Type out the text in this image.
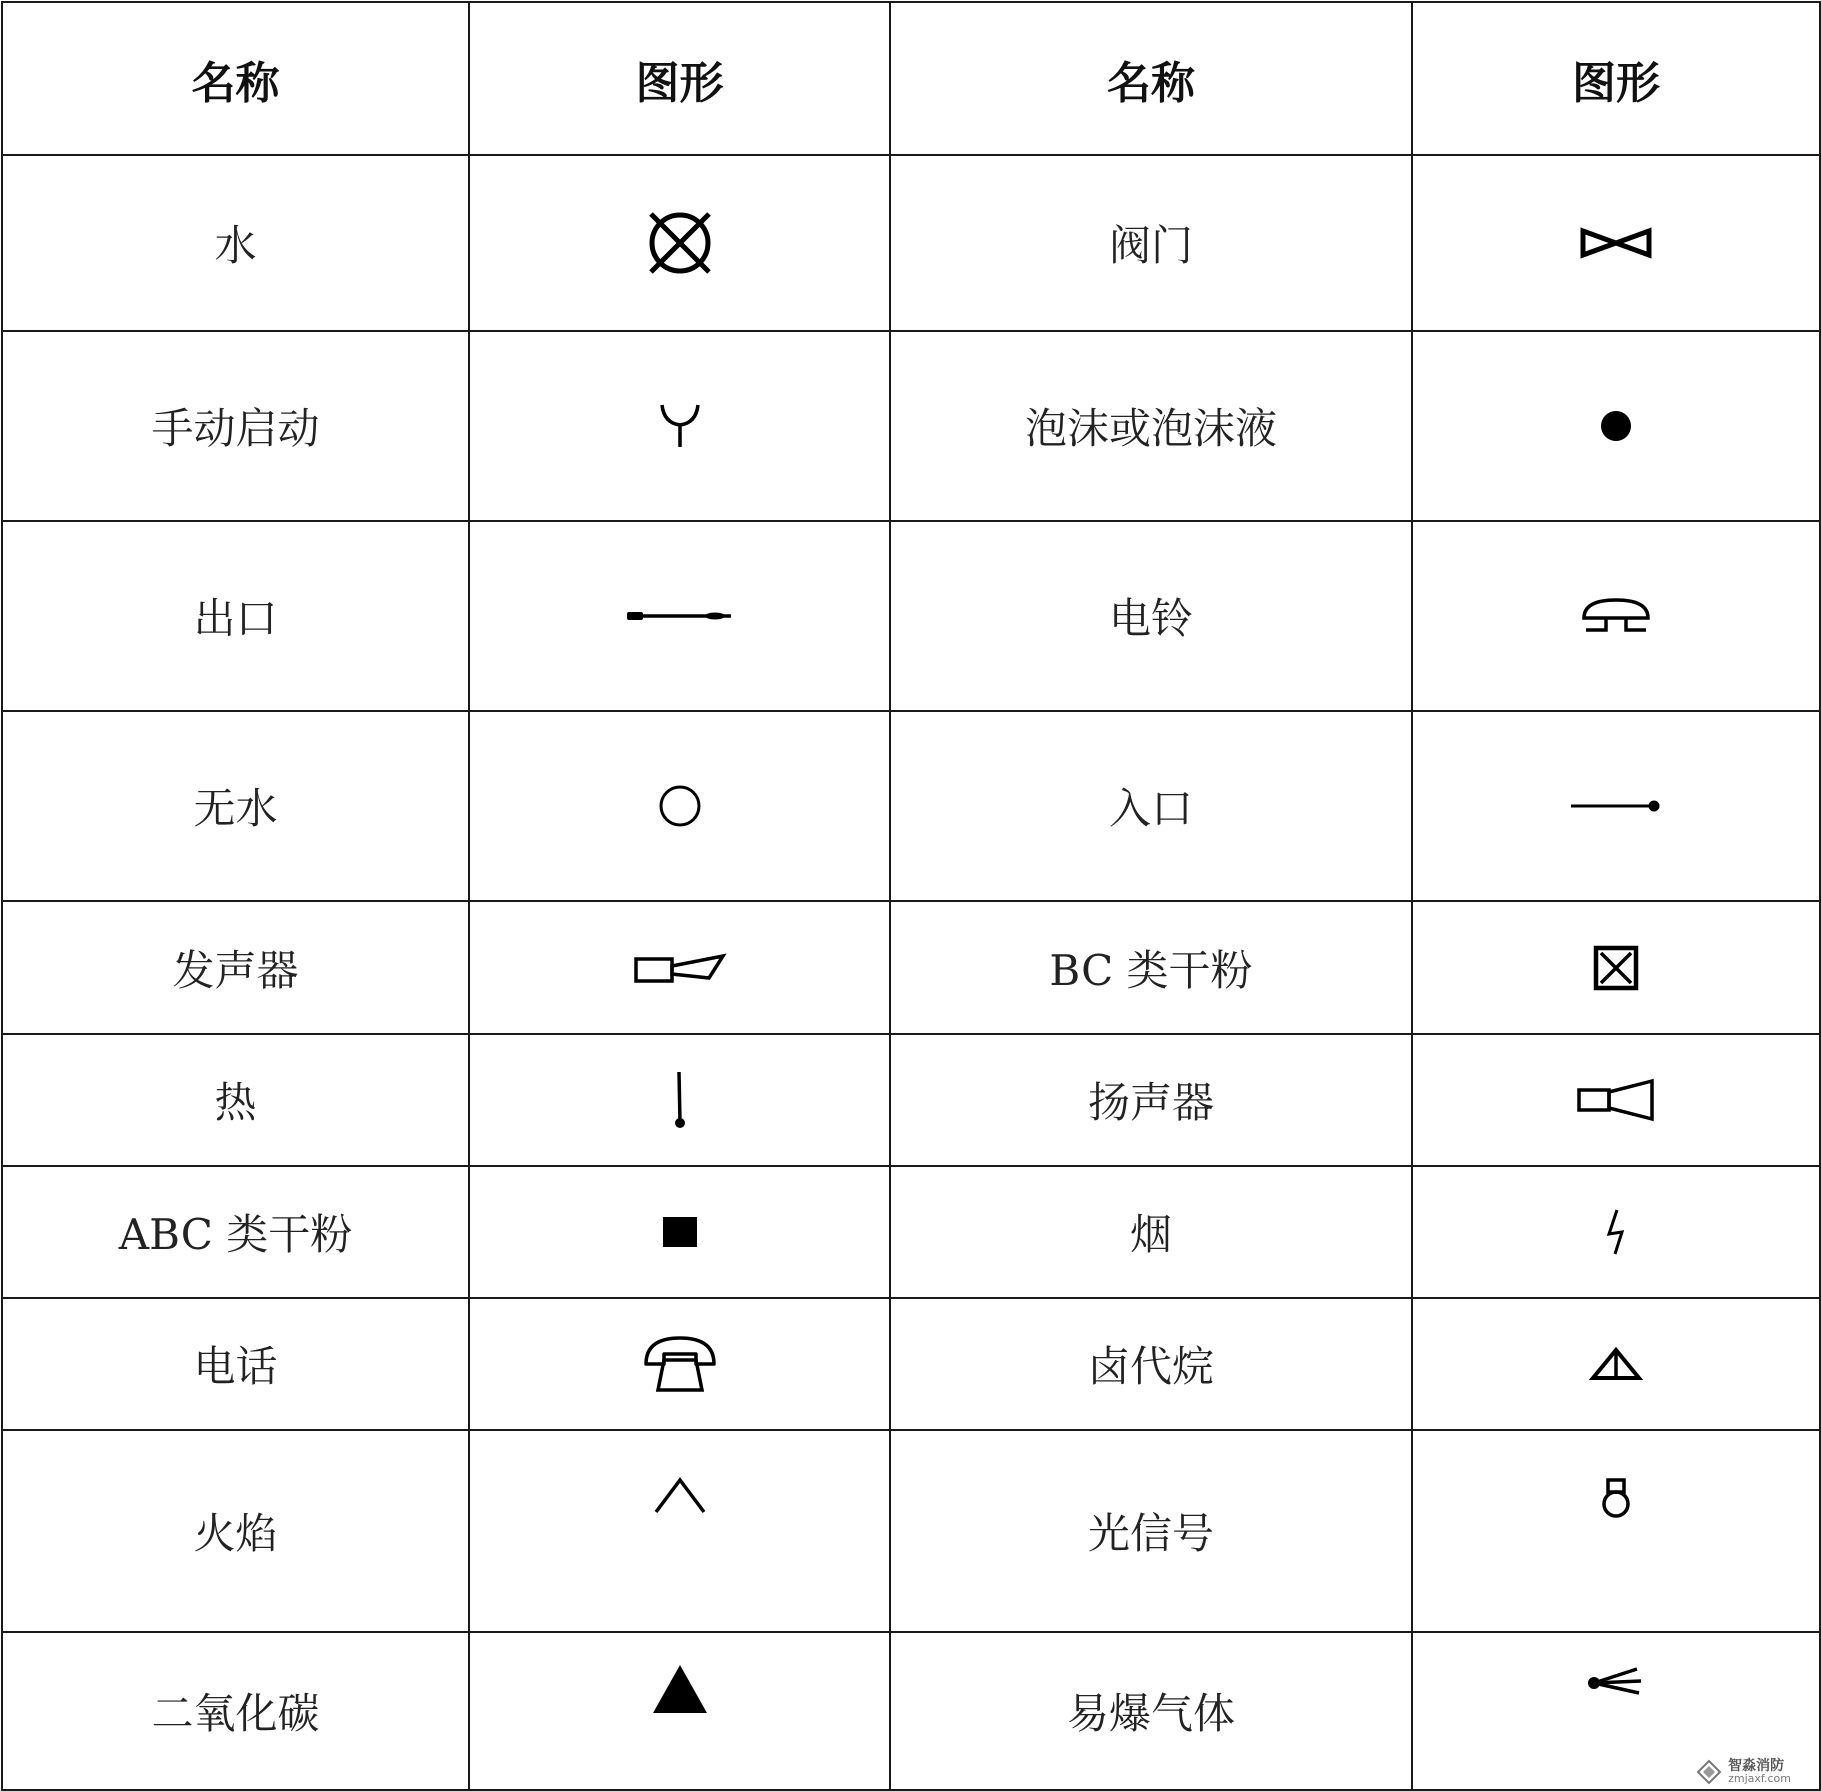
名称	图形	名称	图形
水		阀门	

手动启动		泡沫或泡沫液	

出口		电铃	

无水		入口	

发声器		BC 类干粉	

热		扬声器	

ABC 类干粉		烟	

电话		卤代烷	

火焰		光信号	

二氧化碳		易爆气体	
智淼消防
zmjaxf.com
